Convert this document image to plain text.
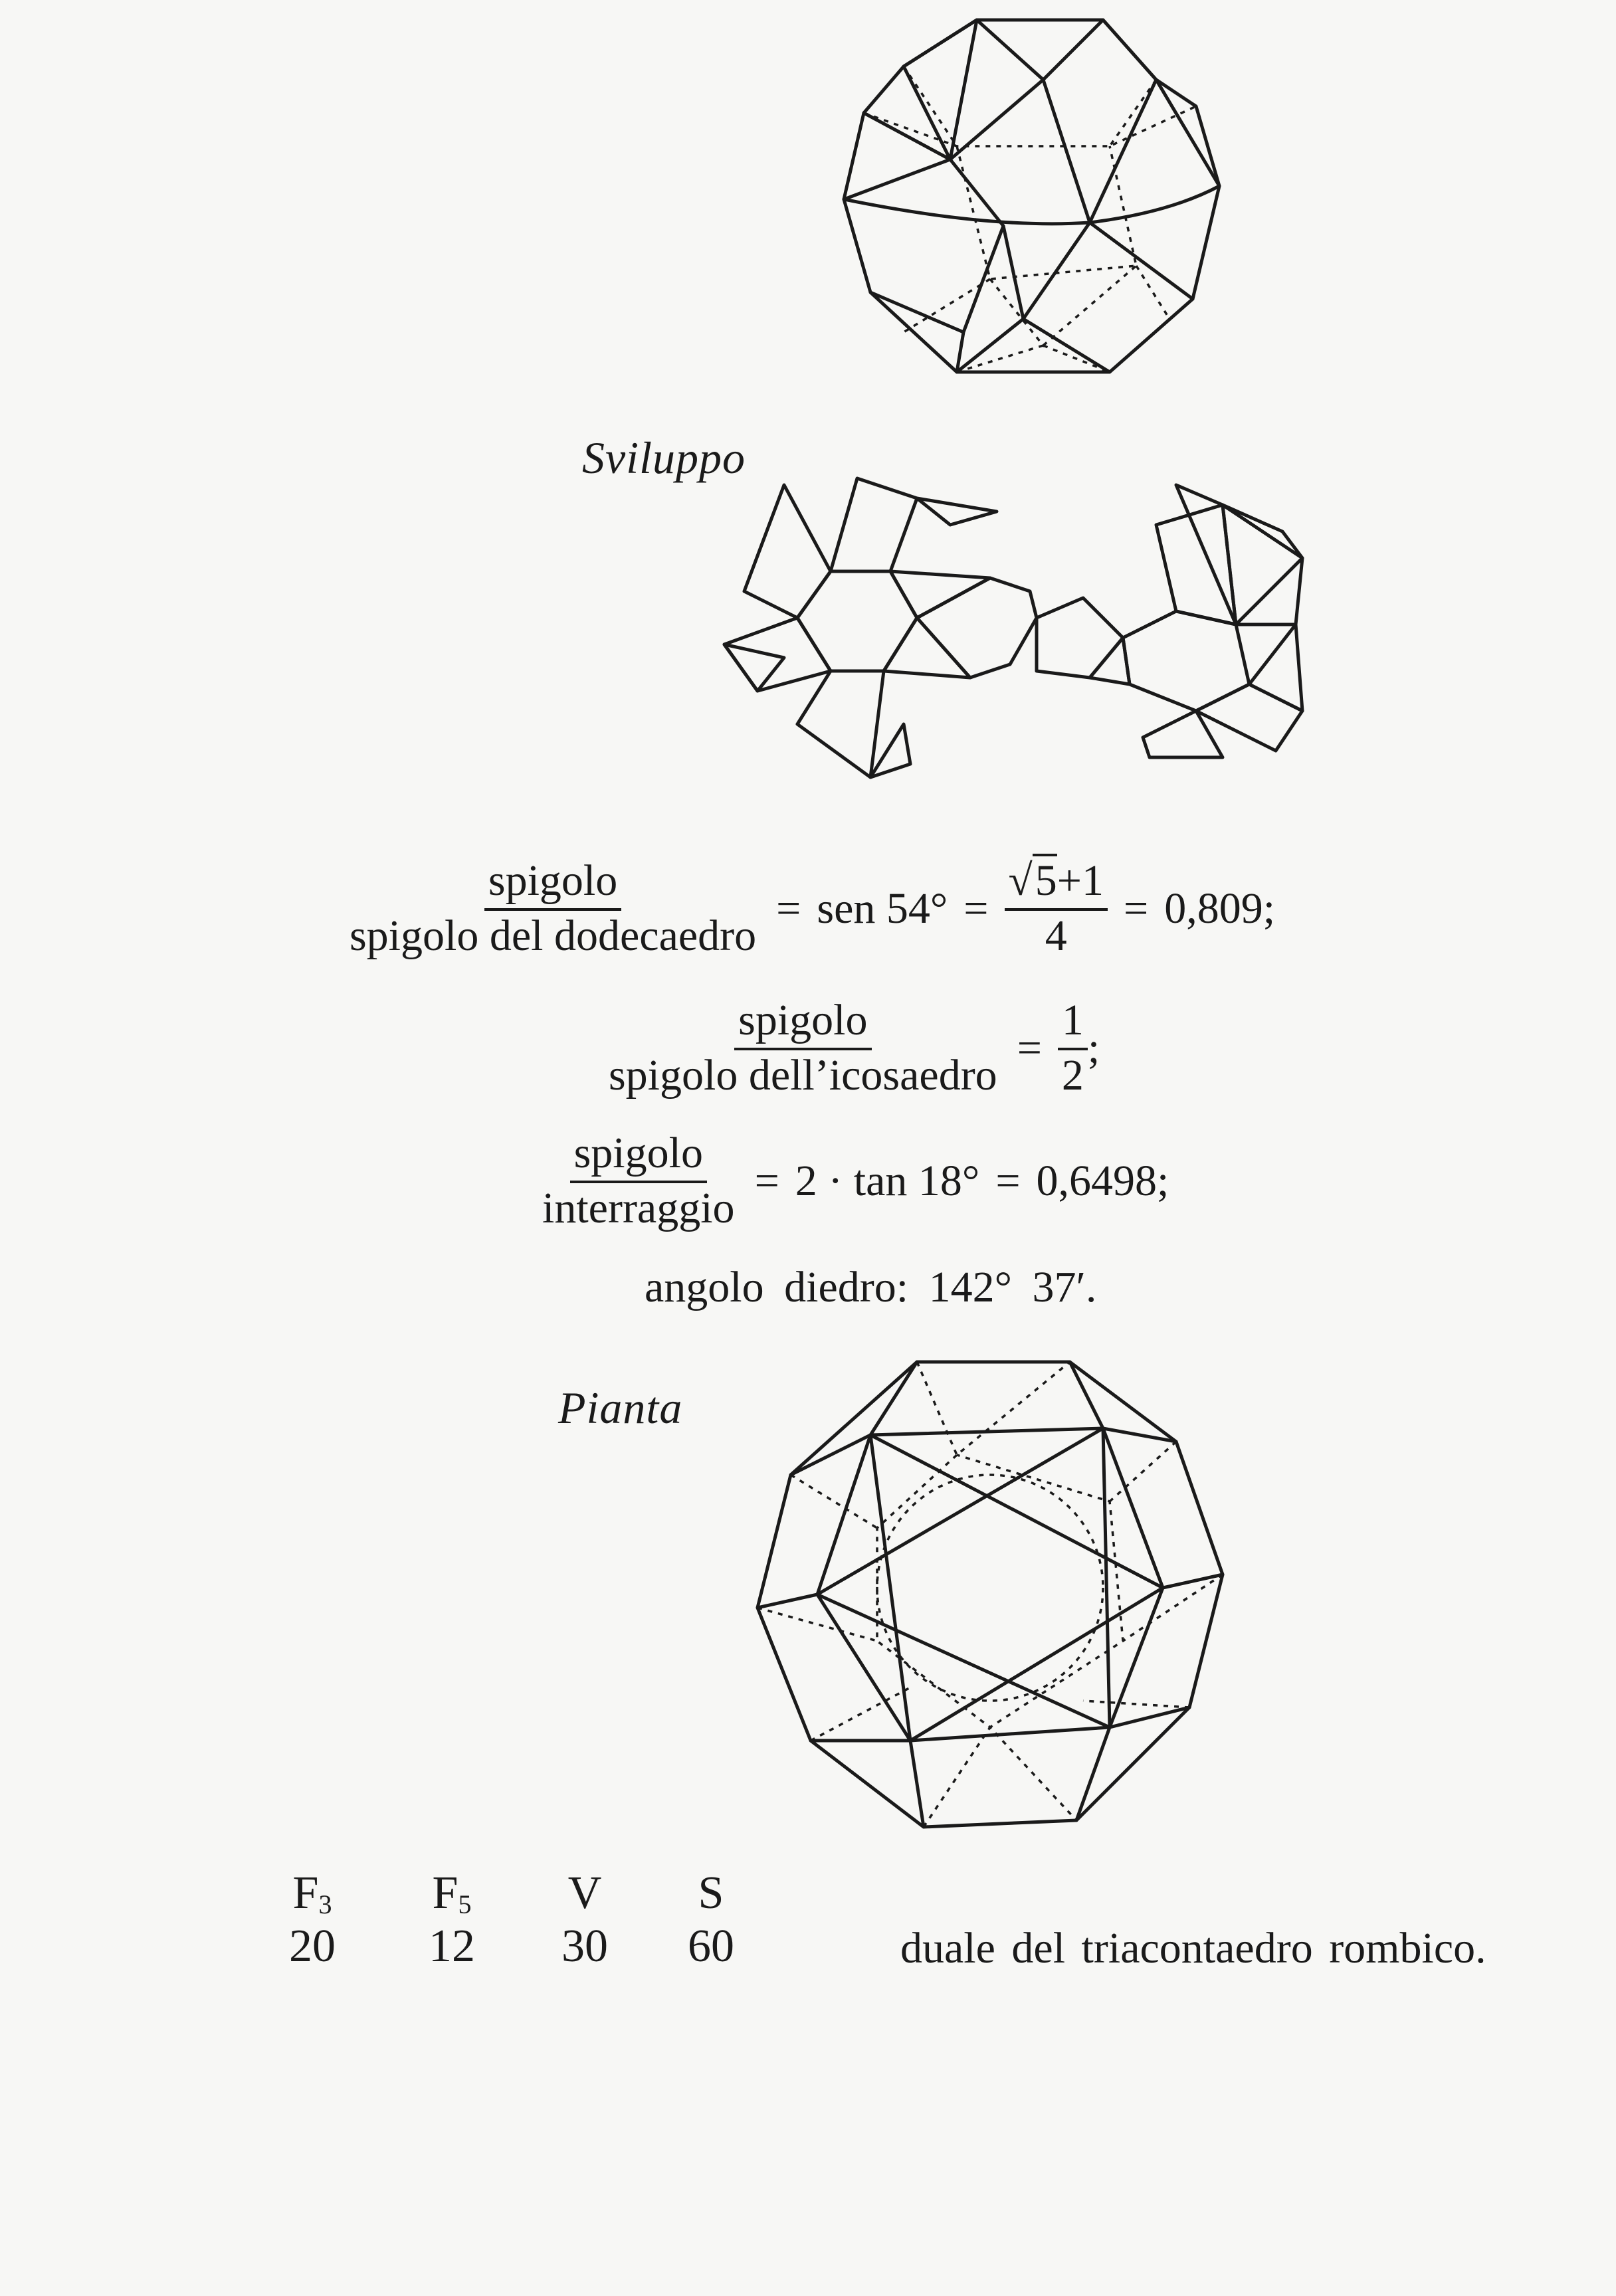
Sviluppo
$\frac{\text{spigolo}}{\text{spigolo del dodecaedro}}$ = sen $54^\circ = \frac{√5+1}{4} = 0,809$;
$\frac{\text{spigolo}}{\text{spigolo dell’icosaedro}} = \frac{1}{2}$ ;
$\frac{\text{spigolo}}{\text{interraggio}} = 2 \cdot \tan 18^\circ = 0,6498$;
angolo diedro: 142° 37′.
Pianta
$F_3$	$F_5$	V	S
20	12	30	60	duale del triacontaedro rombico.
